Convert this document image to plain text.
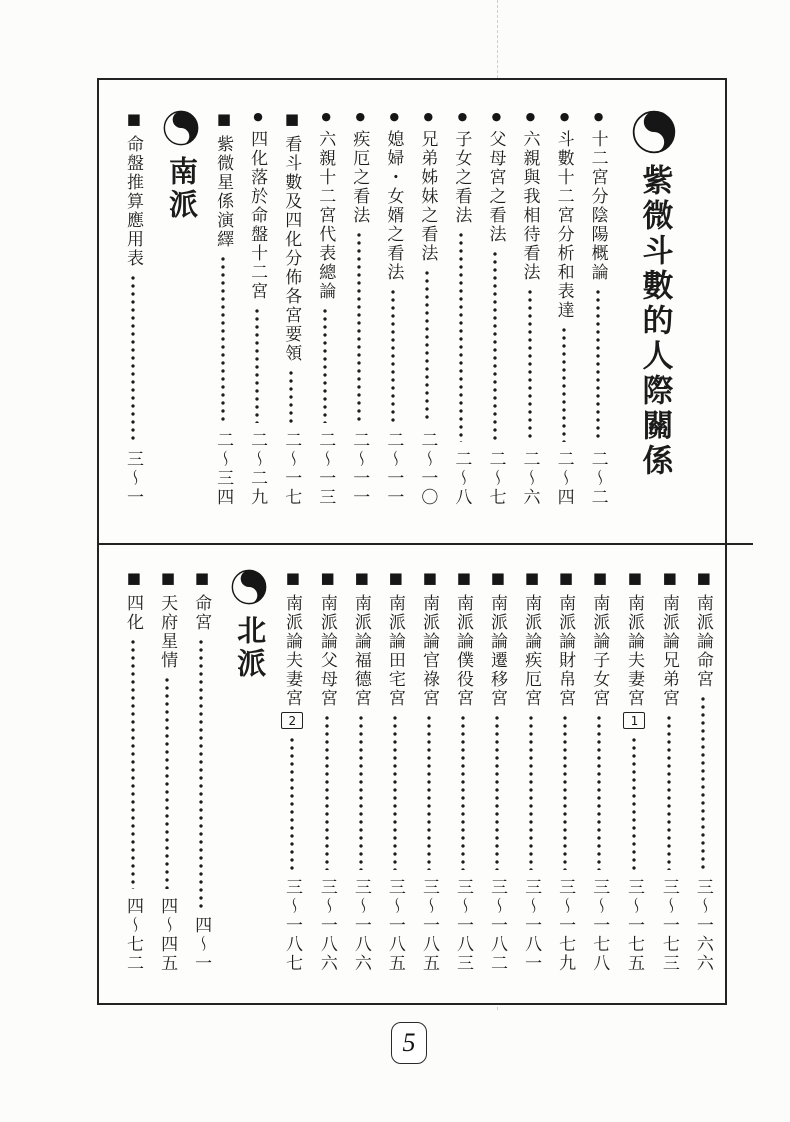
紫微斗數的人際關係
●
十二宮分陰陽概論
二～二
●
斗數十二宮分析和表達
二～四
●
六親與我相待看法
二～六
●
父母宮之看法
二～七
●
子女之看法
二～八
●
兄弟姊妹之看法
二～一〇
●
媳婦・女婿之看法
二～一一
●
疾厄之看法
二～一一
●
六親十二宮代表總論
二～一三
■
看斗數及四化分佈各宮要領
二～一七
●
四化落於命盤十二宮
二～二九
■
紫微星係演繹
二～三四
南派
■
命盤推算應用表
三～一
■
南派論命宮
三～一六六
■
南派論兄弟宮
三～一七三
■
南派論夫妻宮
1
三～一七五
■
南派論子女宮
三～一七八
■
南派論財帛宮
三～一七九
■
南派論疾厄宮
三～一八一
■
南派論遷移宮
三～一八二
■
南派論僕役宮
三～一八三
■
南派論官祿宮
三～一八五
■
南派論田宅宮
三～一八五
■
南派論福德宮
三～一八六
■
南派論父母宮
三～一八六
■
南派論夫妻宮
2
三～一八七
北派
■
命宮
四～一
■
天府星情
四～四五
■
四化
四～七二
5
